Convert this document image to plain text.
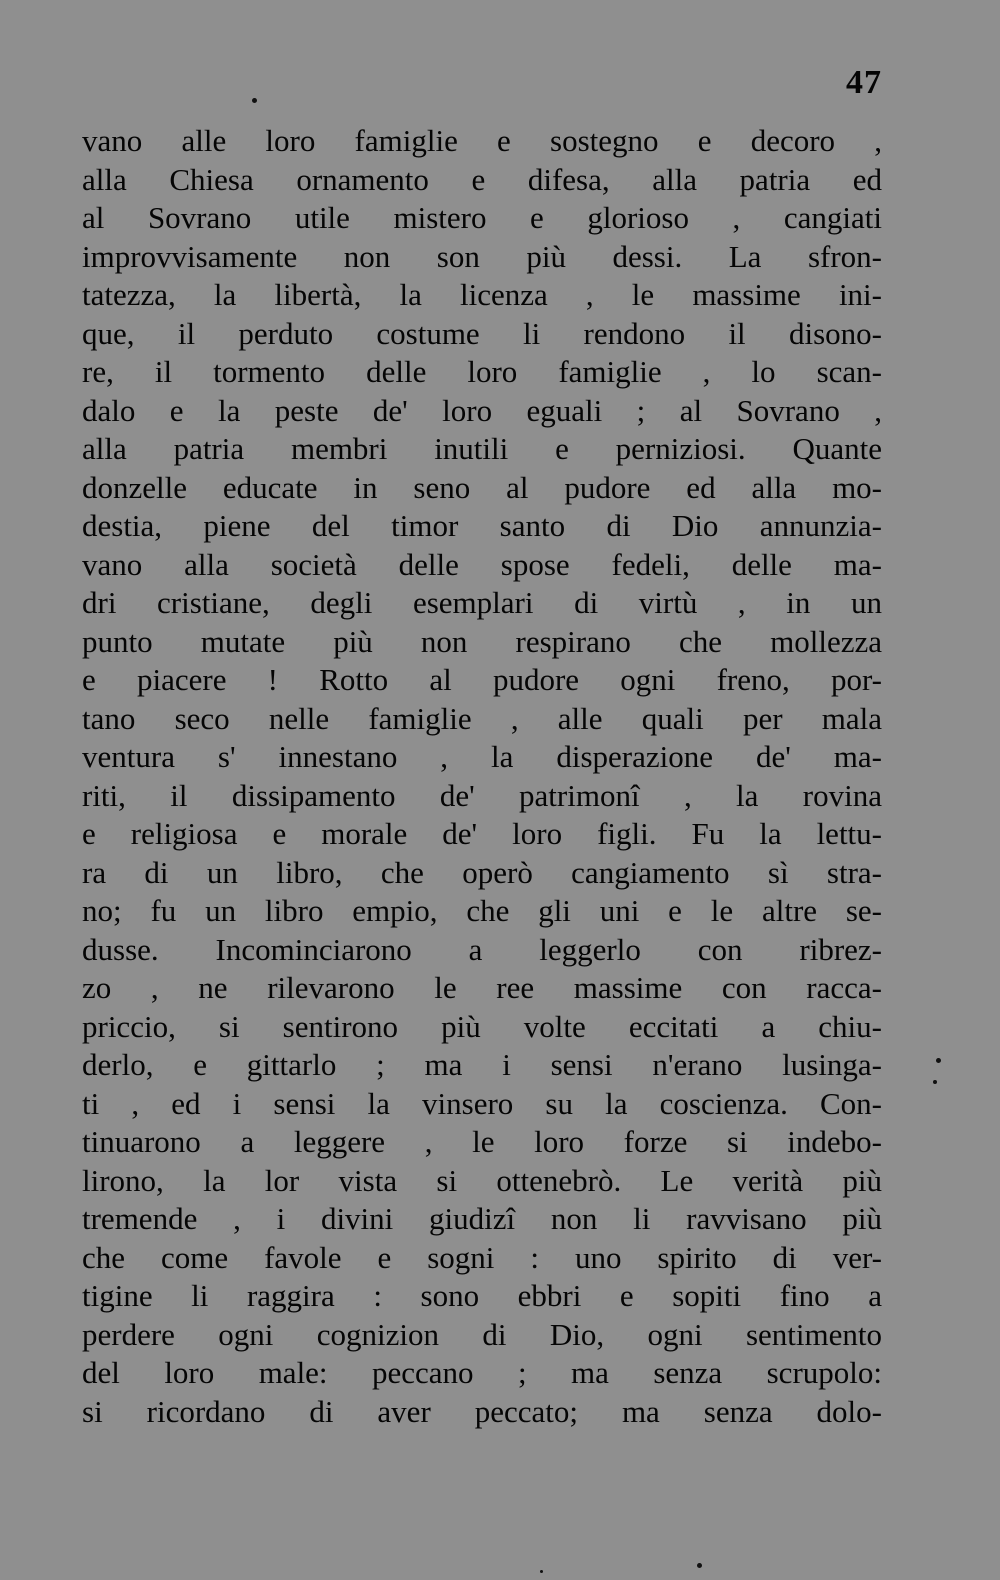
47
vano alle loro famiglie e sostegno e decoro ,
alla Chiesa ornamento e difesa, alla patria ed
al Sovrano utile mistero e glorioso , cangiati
improvvisamente non son più dessi. La sfron-
tatezza, la libertà, la licenza , le massime ini-
que, il perduto costume li rendono il disono-
re, il tormento delle loro famiglie , lo scan-
dalo e la peste de' loro eguali ; al Sovrano ,
alla patria membri inutili e perniziosi. Quante
donzelle educate in seno al pudore ed alla mo-
destia, piene del timor santo di Dio annunzia-
vano alla società delle spose fedeli, delle ma-
dri cristiane, degli esemplari di virtù , in un
punto mutate più non respirano che mollezza
e piacere ! Rotto al pudore ogni freno, por-
tano seco nelle famiglie , alle quali per mala
ventura s' innestano , la disperazione de' ma-
riti, il dissipamento de' patrimonî , la rovina
e religiosa e morale de' loro figli. Fu la lettu-
ra di un libro, che operò cangiamento sì stra-
no; fu un libro empio, che gli uni e le altre se-
dusse. Incominciarono a leggerlo con ribrez-
zo , ne rilevarono le ree massime con racca-
priccio, si sentirono più volte eccitati a chiu-
derlo, e gittarlo ; ma i sensi n'erano lusinga-
ti , ed i sensi la vinsero su la coscienza. Con-
tinuarono a leggere , le loro forze si indebo-
lirono, la lor vista si ottenebrò. Le verità più
tremende , i divini giudizî non li ravvisano più
che come favole e sogni : uno spirito di ver-
tigine li raggira : sono ebbri e sopiti fino a
perdere ogni cognizion di Dio, ogni sentimento
del loro male: peccano ; ma senza scrupolo:
si ricordano di aver peccato; ma senza dolo-
